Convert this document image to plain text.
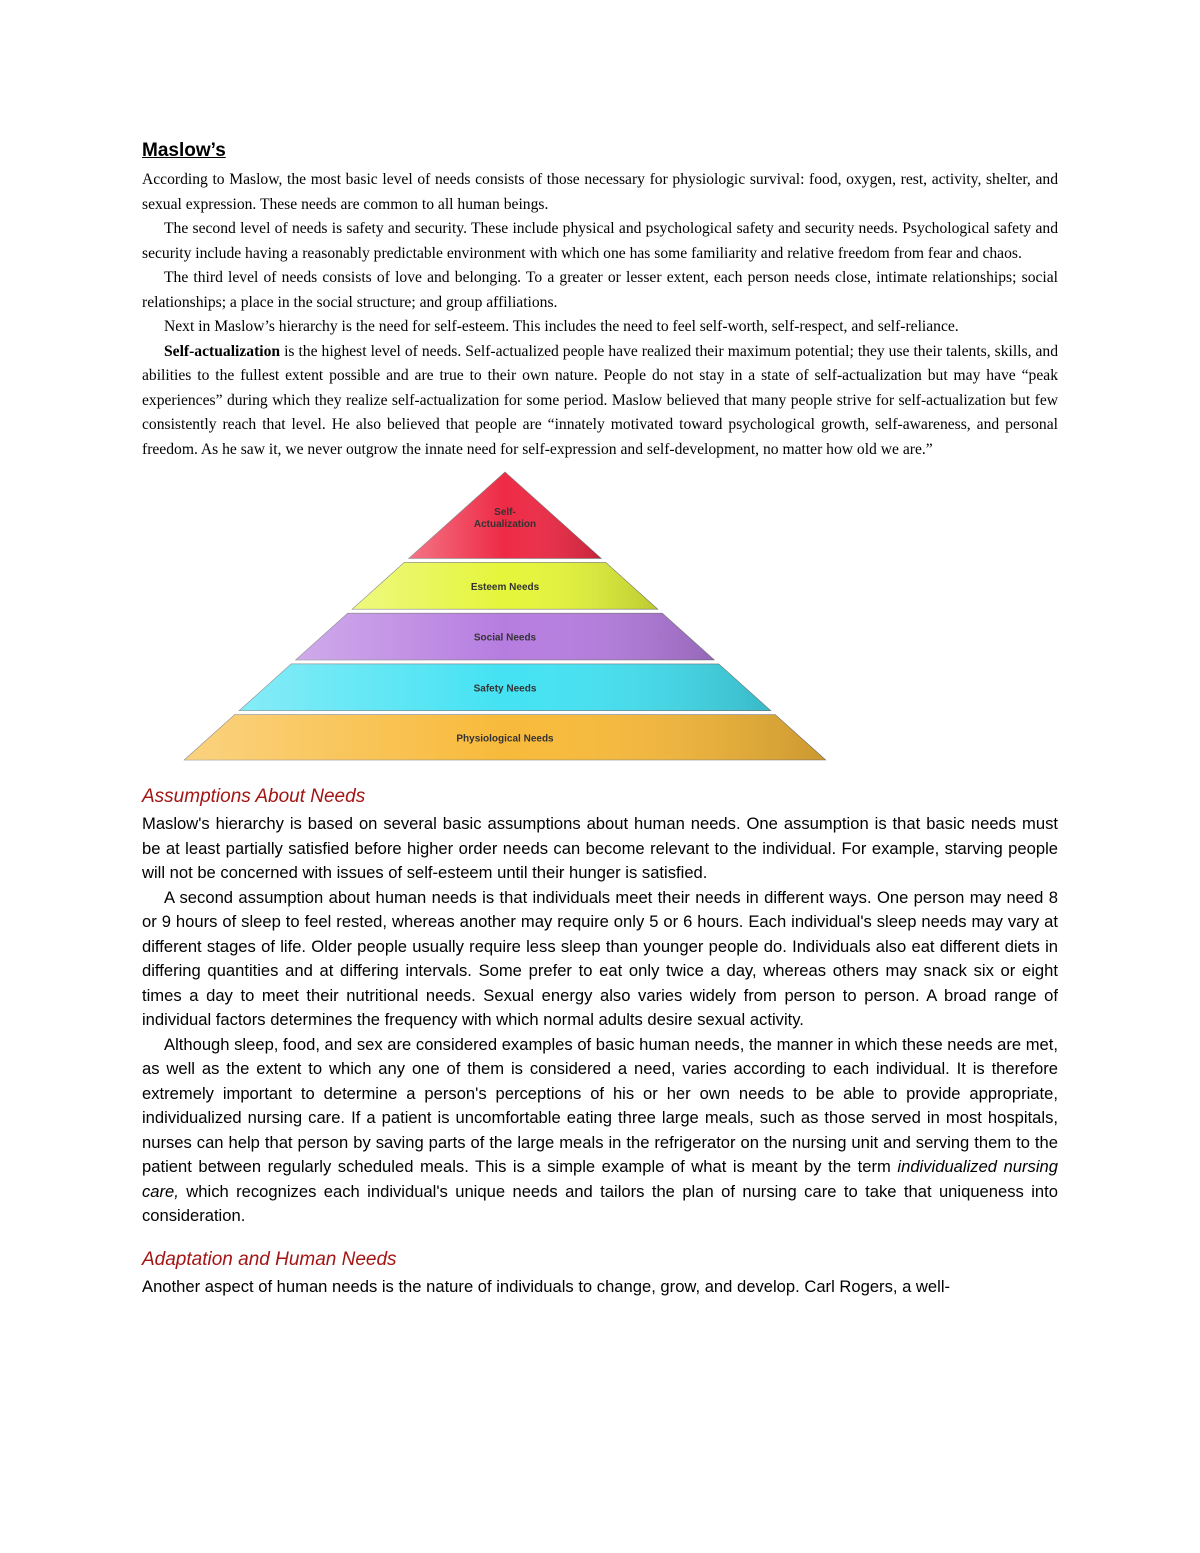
Maslow’s

According to Maslow, the most basic level of needs consists of those necessary for physiologic survival: food, oxygen, rest, activity, shelter, and sexual expression. These needs are common to all human beings.

The second level of needs is safety and security. These include physical and psychological safety and security needs. Psychological safety and security include having a reasonably predictable environment with which one has some familiarity and relative freedom from fear and chaos.

The third level of needs consists of love and belonging. To a greater or lesser extent, each person needs close, intimate relationships; social relationships; a place in the social structure; and group affiliations.

Next in Maslow’s hierarchy is the need for self-esteem. This includes the need to feel self-worth, self-respect, and self-reliance.

Self-actualization is the highest level of needs. Self-actualized people have realized their maximum potential; they use their talents, skills, and abilities to the fullest extent possible and are true to their own nature. People do not stay in a state of self-actualization but may have “peak experiences” during which they realize self-actualization for some period. Maslow believed that many people strive for self-actualization but few consistently reach that level. He also believed that people are “innately motivated toward psychological growth, self-awareness, and personal freedom. As he saw it, we never outgrow the innate need for self-expression and self-development, no matter how old we are.”

Self-
Actualization
Esteem Needs
Social Needs
Safety Needs
Physiological Needs
Assumptions About Needs

Maslow's hierarchy is based on several basic assumptions about human needs. One assumption is that basic needs must be at least partially satisfied before higher order needs can become relevant to the individual. For example, starving people will not be concerned with issues of self-esteem until their hunger is satisfied.

A second assumption about human needs is that individuals meet their needs in different ways. One person may need 8 or 9 hours of sleep to feel rested, whereas another may require only 5 or 6 hours. Each individual's sleep needs may vary at different stages of life. Older people usually require less sleep than younger people do. Individuals also eat different diets in differing quantities and at differing intervals. Some prefer to eat only twice a day, whereas others may snack six or eight times a day to meet their nutritional needs. Sexual energy also varies widely from person to person. A broad range of individual factors determines the frequency with which normal adults desire sexual activity.

Although sleep, food, and sex are considered examples of basic human needs, the manner in which these needs are met, as well as the extent to which any one of them is considered a need, varies according to each individual. It is therefore extremely important to determine a person's perceptions of his or her own needs to be able to provide appropriate, individualized nursing care. If a patient is uncomfortable eating three large meals, such as those served in most hospitals, nurses can help that person by saving parts of the large meals in the refrigerator on the nursing unit and serving them to the patient between regularly scheduled meals. This is a simple example of what is meant by the term individualized nursing care, which recognizes each individual's unique needs and tailors the plan of nursing care to take that uniqueness into consideration.

Adaptation and Human Needs

Another aspect of human needs is the nature of individuals to change, grow, and develop. Carl Rogers, a well-
